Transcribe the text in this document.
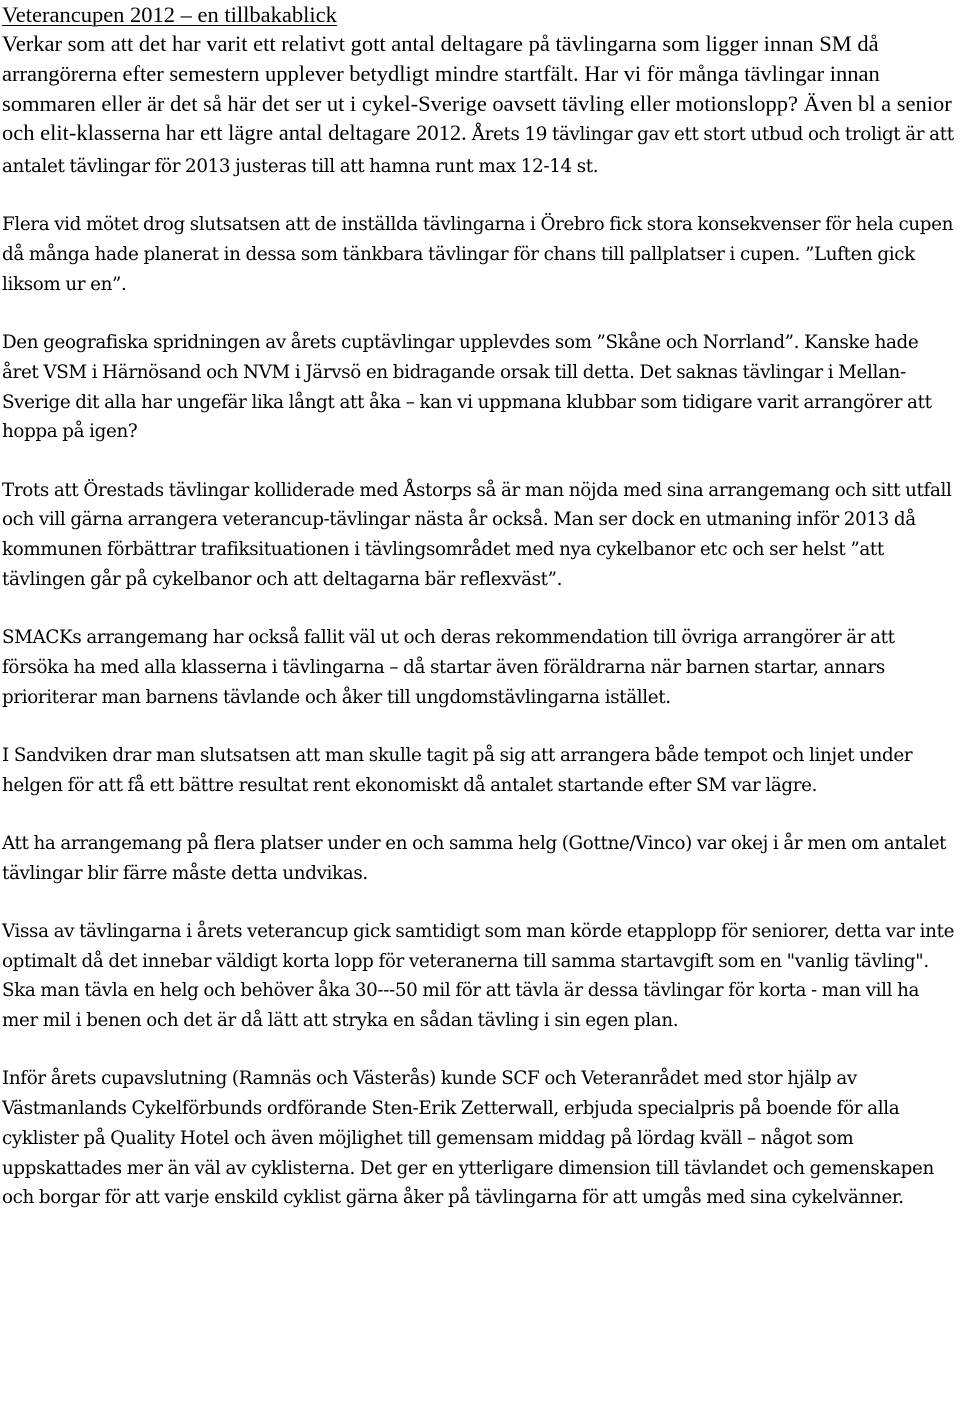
Veterancupen 2012 – en tillbakablick

Verkar som att det har varit ett relativt gott antal deltagare på tävlingarna som ligger innan SM då arrangörerna efter semestern upplever betydligt mindre startfält. Har vi för många tävlingar innan sommaren eller är det så här det ser ut i cykel-Sverige oavsett tävling eller motionslopp? Även bl a senior och elit-klasserna har ett lägre antal deltagare 2012. Årets 19 tävlingar gav ett stort utbud och troligt är att antalet tävlingar för 2013 justeras till att hamna runt max 12-14 st.

Flera vid mötet drog slutsatsen att de inställda tävlingarna i Örebro fick stora konsekvenser för hela cupen då många hade planerat in dessa som tänkbara tävlingar för chans till pallplatser i cupen. ”Luften gick liksom ur en”.

Den geografiska spridningen av årets cuptävlingar upplevdes som ”Skåne och Norrland”. Kanske hade året VSM i Härnösand och NVM i Järvsö en bidragande orsak till detta. Det saknas tävlingar i Mellan-Sverige dit alla har ungefär lika långt att åka – kan vi uppmana klubbar som tidigare varit arrangörer att hoppa på igen?

Trots att Örestads tävlingar kolliderade med Åstorps så är man nöjda med sina arrangemang och sitt utfall och vill gärna arrangera veterancup-tävlingar nästa år också. Man ser dock en utmaning inför 2013 då kommunen förbättrar trafiksituationen i tävlingsområdet med nya cykelbanor etc och ser helst ”att tävlingen går på cykelbanor och att deltagarna bär reflexväst”.

SMACKs arrangemang har också fallit väl ut och deras rekommendation till övriga arrangörer är att försöka ha med alla klasserna i tävlingarna – då startar även föräldrarna när barnen startar, annars prioriterar man barnens tävlande och åker till ungdomstävlingarna istället.

I Sandviken drar man slutsatsen att man skulle tagit på sig att arrangera både tempot och linjet under helgen för att få ett bättre resultat rent ekonomiskt då antalet startande efter SM var lägre.

Att ha arrangemang på flera platser under en och samma helg (Gottne/Vinco) var okej i år men om antalet tävlingar blir färre måste detta undvikas.

Vissa av tävlingarna i årets veterancup gick samtidigt som man körde etapplopp för seniorer, detta var inte optimalt då det innebar väldigt korta lopp för veteranerna till samma startavgift som en "vanlig tävling".

Ska man tävla en helg och behöver åka 30---50 mil för att tävla är dessa tävlingar för korta - man vill ha mer mil i benen och det är då lätt att stryka en sådan tävling i sin egen plan.

Inför årets cupavslutning (Ramnäs och Västerås) kunde SCF och Veteranrådet med stor hjälp av Västmanlands Cykelförbunds ordförande Sten-Erik Zetterwall, erbjuda specialpris på boende för alla cyklister på Quality Hotel och även möjlighet till gemensam middag på lördag kväll – något som uppskattades mer än väl av cyklisterna. Det ger en ytterligare dimension till tävlandet och gemenskapen och borgar för att varje enskild cyklist gärna åker på tävlingarna för att umgås med sina cykelvänner.
